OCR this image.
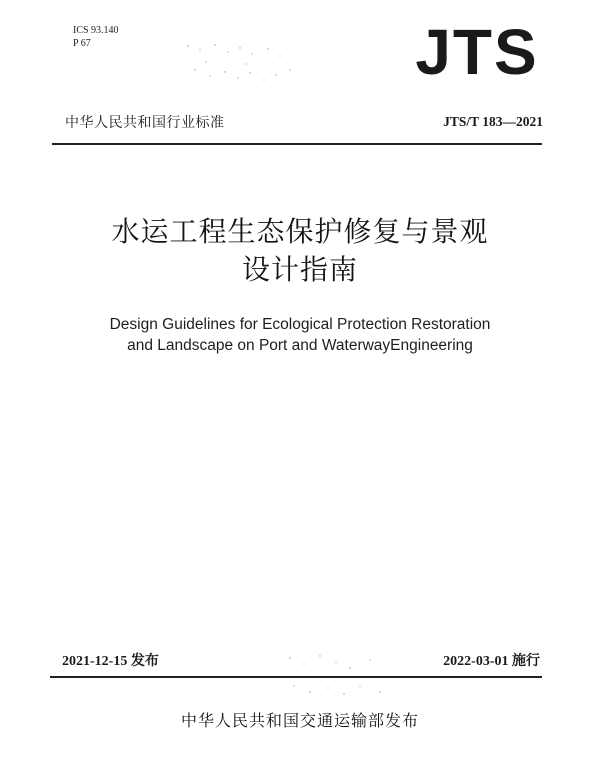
ICS 93.140
P 67	JTS
中华人民共和国行业标准	JTS/T 183—2021
水运工程生态保护修复与景观
设计指南
Design Guidelines for Ecological Protection Restoration
and Landscape on Port and WaterwayEngineering
2021-12-15 发布	2022-03-01 施行
中华人民共和国交通运输部发布
